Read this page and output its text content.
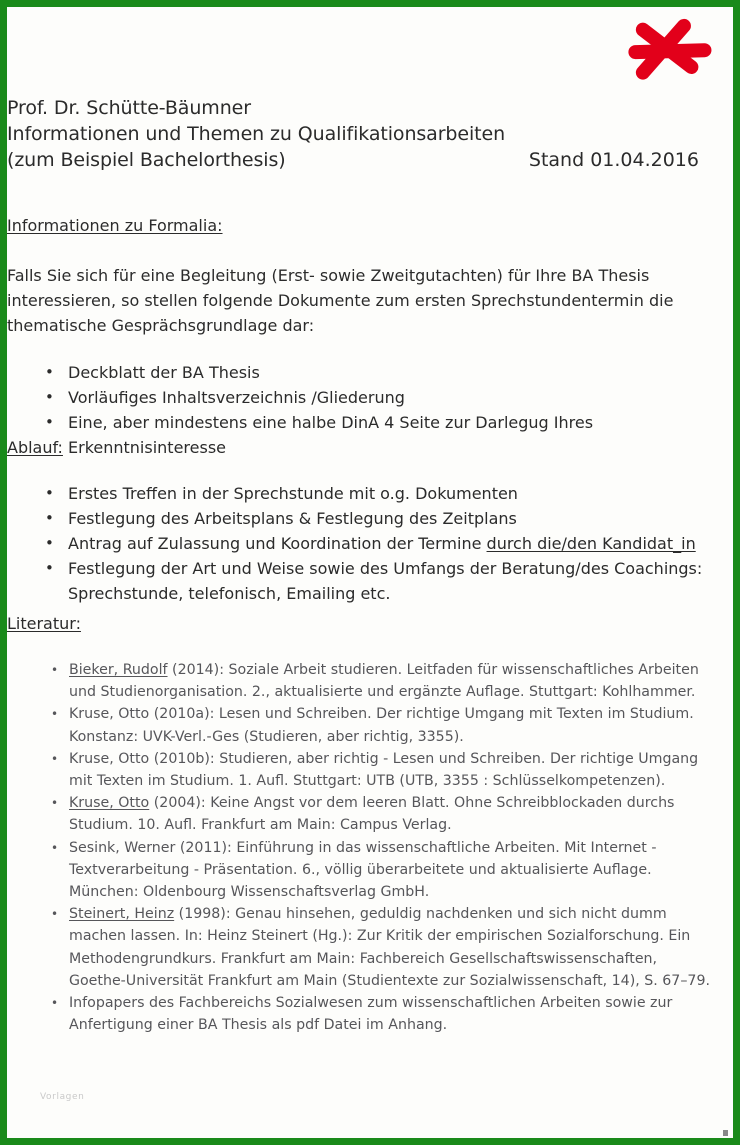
Prof. Dr. Schütte-Bäumner
Informationen und Themen zu Qualifikationsarbeiten
(zum Beispiel Bachelorthesis)	Stand 01.04.2016
Informationen zu Formalia:
Falls Sie sich für eine Begleitung (Erst- sowie Zweitgutachten) für Ihre BA Thesis
interessieren, so stellen folgende Dokumente zum ersten Sprechstundentermin die
thematische Gesprächsgrundlage dar:
• Deckblatt der BA Thesis
• Vorläufiges Inhaltsverzeichnis /Gliederung
• Eine, aber mindestens eine halbe DinA 4 Seite zur Darlegug Ihres Erkenntnisinteresse
Ablauf:
• Erstes Treffen in der Sprechstunde mit o.g. Dokumenten
• Festlegung des Arbeitsplans & Festlegung des Zeitplans
• Antrag auf Zulassung und Koordination der Termine durch die/den Kandidat_in
• Festlegung der Art und Weise sowie des Umfangs der Beratung/des Coachings:
Sprechstunde, telefonisch, Emailing etc.
Literatur:
• Bieker, Rudolf (2014): Soziale Arbeit studieren. Leitfaden für wissenschaftliches Arbeiten und Studienorganisation. 2., aktualisierte und ergänzte Auflage. Stuttgart: Kohlhammer.
• Kruse, Otto (2010a): Lesen und Schreiben. Der richtige Umgang mit Texten im Studium. Konstanz: UVK-Verl.-Ges (Studieren, aber richtig, 3355).
• Kruse, Otto (2010b): Studieren, aber richtig - Lesen und Schreiben. Der richtige Umgang mit Texten im Studium. 1. Aufl. Stuttgart: UTB (UTB, 3355 : Schlüsselkompetenzen).
• Kruse, Otto (2004): Keine Angst vor dem leeren Blatt. Ohne Schreibblockaden durchs Studium. 10. Aufl. Frankfurt am Main: Campus Verlag.
• Sesink, Werner (2011): Einführung in das wissenschaftliche Arbeiten. Mit Internet - Textverarbeitung - Präsentation. 6., völlig überarbeitete und aktualisierte Auflage. München: Oldenbourg Wissenschaftsverlag GmbH.
• Steinert, Heinz (1998): Genau hinsehen, geduldig nachdenken und sich nicht dumm machen lassen. In: Heinz Steinert (Hg.): Zur Kritik der empirischen Sozialforschung. Ein Methodengrundkurs. Frankfurt am Main: Fachbereich Gesellschaftswissenschaften, Goethe-Universität Frankfurt am Main (Studientexte zur Sozialwissenschaft, 14), S. 67–79.
• Infopapers des Fachbereichs Sozialwesen zum wissenschaftlichen Arbeiten sowie zur Anfertigung einer BA Thesis als pdf Datei im Anhang.
Vorlagen
